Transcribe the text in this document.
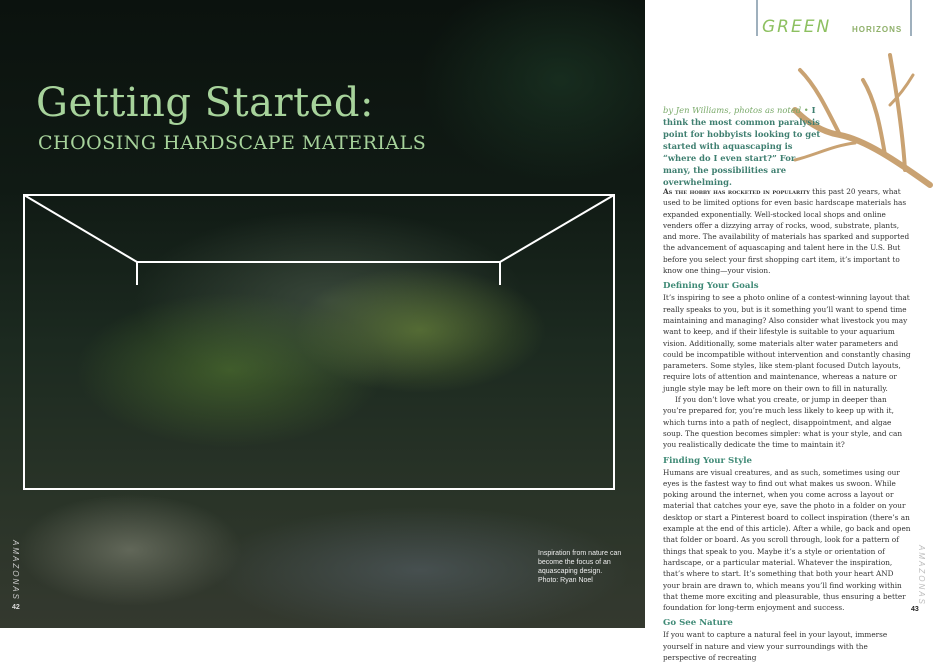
Getting Started:
CHOOSING HARDSCAPE MATERIALS
Inspiration from nature can become the focus of an aquascaping design. Photo: Ryan Noel
AMAZONAS
42
GREEN	HORIZONS
by Jen Williams, photos as noted • I think the most common paralysis point for hobbyists looking to get started with aquascaping is “where do I even start?” For many, the possibilities are overwhelming.

As the hobby has rocketed in popularity this past 20 years, what used to be limited options for even basic hardscape materials has expanded exponentially. Well-stocked local shops and online venders offer a dizzying array of rocks, wood, substrate, plants, and more. The availability of materials has sparked and supported the advancement of aquascaping and talent here in the U.S. But before you select your first shopping cart item, it’s important to know one thing—your vision.

Defining Your Goals

It’s inspiring to see a photo online of a contest-winning layout that really speaks to you, but is it something you’ll want to spend time maintaining and managing? Also consider what livestock you may want to keep, and if their lifestyle is suitable to your aquarium vision. Additionally, some materials alter water parameters and could be incompatible without intervention and constantly chasing parameters. Some styles, like stem-plant focused Dutch layouts, require lots of attention and maintenance, whereas a nature or jungle style may be left more on their own to fill in naturally.

If you don’t love what you create, or jump in deeper than you’re prepared for, you’re much less likely to keep up with it, which turns into a path of neglect, disappointment, and algae soup. The question becomes simpler: what is your style, and can you realistically dedicate the time to maintain it?

Finding Your Style

Humans are visual creatures, and as such, sometimes using our eyes is the fastest way to find out what makes us swoon. While poking around the internet, when you come across a layout or material that catches your eye, save the photo in a folder on your desktop or start a Pinterest board to collect inspiration (there’s an example at the end of this article). After a while, go back and open that folder or board. As you scroll through, look for a pattern of things that speak to you. Maybe it’s a style or orientation of hardscape, or a particular material. Whatever the inspiration, that’s where to start. It’s something that both your heart AND your brain are drawn to, which means you’ll find working within that theme more exciting and pleasurable, thus ensuring a better foundation for long-term enjoyment and success.

Go See Nature

If you want to capture a natural feel in your layout, immerse yourself in nature and view your surroundings with the perspective of recreating

AMAZONAS
43
